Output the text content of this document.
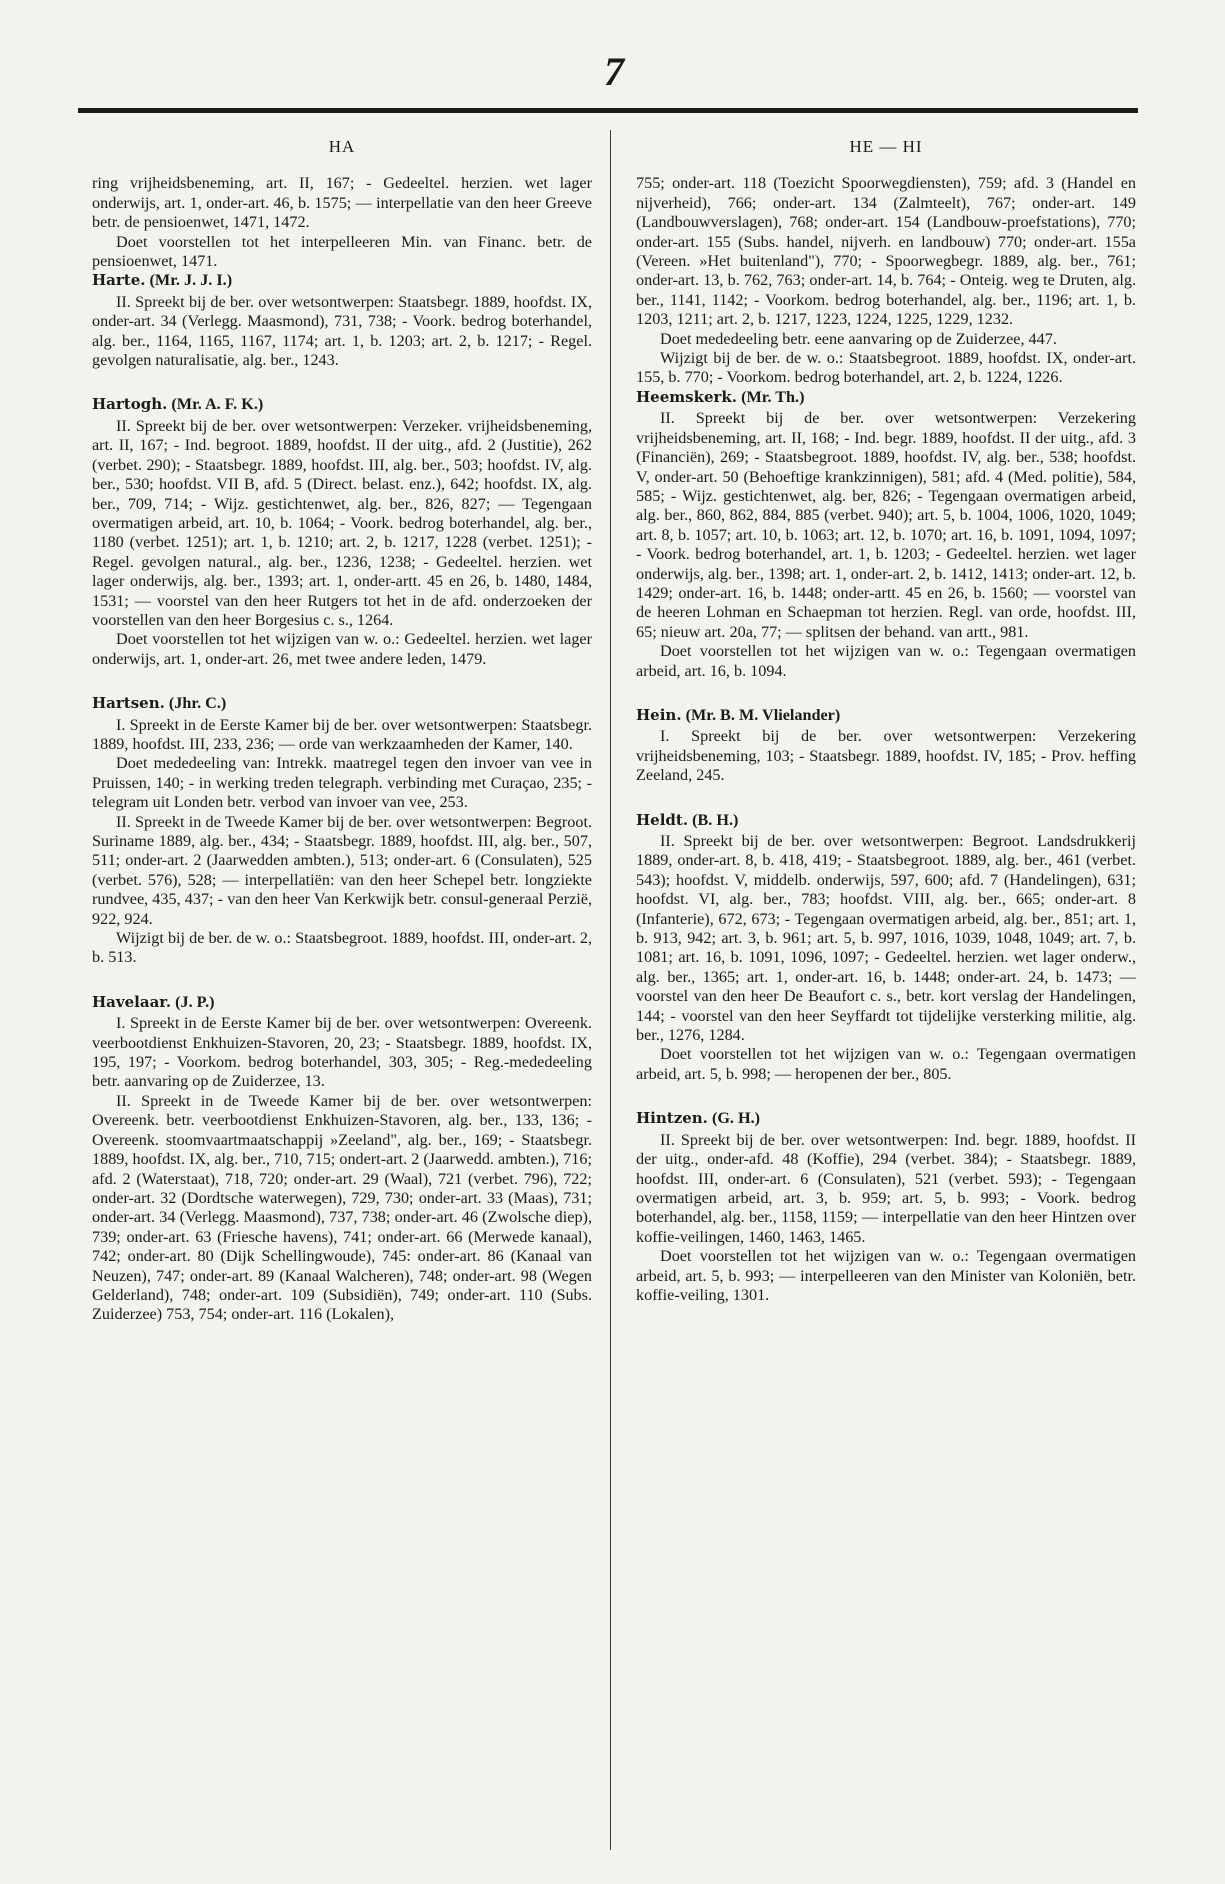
7
HA

ring vrijheidsbeneming, art. II, 167; - Gedeeltel. herzien. wet lager onderwijs, art. 1, onder-art. 46, b. 1575; — interpellatie van den heer Greeve betr. de pensioenwet, 1471, 1472.

Doet voorstellen tot het interpelleeren Min. van Financ. betr. de pensioenwet, 1471.

Harte. (Mr. J. J. I.)

II. Spreekt bij de ber. over wetsontwerpen: Staatsbegr. 1889, hoofdst. IX, onder-art. 34 (Verlegg. Maasmond), 731, 738; - Voork. bedrog boterhandel, alg. ber., 1164, 1165, 1167, 1174; art. 1, b. 1203; art. 2, b. 1217; - Regel. gevolgen naturalisatie, alg. ber., 1243.

Hartogh. (Mr. A. F. K.)

II. Spreekt bij de ber. over wetsontwerpen: Verzeker. vrijheidsbeneming, art. II, 167; - Ind. begroot. 1889, hoofdst. II der uitg., afd. 2 (Justitie), 262 (verbet. 290); - Staatsbegr. 1889, hoofdst. III, alg. ber., 503; hoofdst. IV, alg. ber., 530; hoofdst. VII B, afd. 5 (Direct. belast. enz.), 642; hoofdst. IX, alg. ber., 709, 714; - Wijz. gestichtenwet, alg. ber., 826, 827; — Tegengaan overmatigen arbeid, art. 10, b. 1064; - Voork. bedrog boterhandel, alg. ber., 1180 (verbet. 1251); art. 1, b. 1210; art. 2, b. 1217, 1228 (verbet. 1251); - Regel. gevolgen natural., alg. ber., 1236, 1238; - Gedeeltel. herzien. wet lager onderwijs, alg. ber., 1393; art. 1, onder-artt. 45 en 26, b. 1480, 1484, 1531; — voorstel van den heer Rutgers tot het in de afd. onderzoeken der voorstellen van den heer Borgesius c. s., 1264.

Doet voorstellen tot het wijzigen van w. o.: Gedeeltel. herzien. wet lager onderwijs, art. 1, onder-art. 26, met twee andere leden, 1479.

Hartsen. (Jhr. C.)

I. Spreekt in de Eerste Kamer bij de ber. over wetsontwerpen: Staatsbegr. 1889, hoofdst. III, 233, 236; — orde van werkzaamheden der Kamer, 140.

Doet mededeeling van: Intrekk. maatregel tegen den invoer van vee in Pruissen, 140; - in werking treden telegraph. verbinding met Curaçao, 235; - telegram uit Londen betr. verbod van invoer van vee, 253.

II. Spreekt in de Tweede Kamer bij de ber. over wetsontwerpen: Begroot. Suriname 1889, alg. ber., 434; - Staatsbegr. 1889, hoofdst. III, alg. ber., 507, 511; onder-art. 2 (Jaarwedden ambten.), 513; onder-art. 6 (Consulaten), 525 (verbet. 576), 528; — interpellatiën: van den heer Schepel betr. longziekte rundvee, 435, 437; - van den heer Van Kerkwijk betr. consul-generaal Perzië, 922, 924.

Wijzigt bij de ber. de w. o.: Staatsbegroot. 1889, hoofdst. III, onder-art. 2, b. 513.

Havelaar. (J. P.)

I. Spreekt in de Eerste Kamer bij de ber. over wetsontwerpen: Overeenk. veerbootdienst Enkhuizen-Stavoren, 20, 23; - Staatsbegr. 1889, hoofdst. IX, 195, 197; - Voorkom. bedrog boterhandel, 303, 305; - Reg.-mededeeling betr. aanvaring op de Zuiderzee, 13.

II. Spreekt in de Tweede Kamer bij de ber. over wetsontwerpen: Overeenk. betr. veerbootdienst Enkhuizen-Stavoren, alg. ber., 133, 136; - Overeenk. stoomvaartmaatschappij »Zeeland", alg. ber., 169; - Staatsbegr. 1889, hoofdst. IX, alg. ber., 710, 715; ondert-art. 2 (Jaarwedd. ambten.), 716; afd. 2 (Waterstaat), 718, 720; onder-art. 29 (Waal), 721 (verbet. 796), 722; onder-art. 32 (Dordtsche waterwegen), 729, 730; onder-art. 33 (Maas), 731; onder-art. 34 (Verlegg. Maasmond), 737, 738; onder-art. 46 (Zwolsche diep), 739; onder-art. 63 (Friesche havens), 741; onder-art. 66 (Merwede kanaal), 742; onder-art. 80 (Dijk Schellingwoude), 745: onder-art. 86 (Kanaal van Neuzen), 747; onder-art. 89 (Kanaal Walcheren), 748; onder-art. 98 (Wegen Gelderland), 748; onder-art. 109 (Subsidiën), 749; onder-art. 110 (Subs. Zuiderzee) 753, 754; onder-art. 116 (Lokalen),

HE — HI

755; onder-art. 118 (Toezicht Spoorwegdiensten), 759; afd. 3 (Handel en nijverheid), 766; onder-art. 134 (Zalmteelt), 767; onder-art. 149 (Landbouwverslagen), 768; onder-art. 154 (Landbouw-proefstations), 770; onder-art. 155 (Subs. handel, nijverh. en landbouw) 770; onder-art. 155a (Vereen. »Het buitenland"), 770; - Spoorwegbegr. 1889, alg. ber., 761; onder-art. 13, b. 762, 763; onder-art. 14, b. 764; - Onteig. weg te Druten, alg. ber., 1141, 1142; - Voorkom. bedrog boterhandel, alg. ber., 1196; art. 1, b. 1203, 1211; art. 2, b. 1217, 1223, 1224, 1225, 1229, 1232.

Doet mededeeling betr. eene aanvaring op de Zuiderzee, 447.

Wijzigt bij de ber. de w. o.: Staatsbegroot. 1889, hoofdst. IX, onder-art. 155, b. 770; - Voorkom. bedrog boterhandel, art. 2, b. 1224, 1226.

Heemskerk. (Mr. Th.)

II. Spreekt bij de ber. over wetsontwerpen: Verzekering vrijheidsbeneming, art. II, 168; - Ind. begr. 1889, hoofdst. II der uitg., afd. 3 (Financiën), 269; - Staatsbegroot. 1889, hoofdst. IV, alg. ber., 538; hoofdst. V, onder-art. 50 (Behoeftige krankzinnigen), 581; afd. 4 (Med. politie), 584, 585; - Wijz. gestichtenwet, alg. ber, 826; - Tegengaan overmatigen arbeid, alg. ber., 860, 862, 884, 885 (verbet. 940); art. 5, b. 1004, 1006, 1020, 1049; art. 8, b. 1057; art. 10, b. 1063; art. 12, b. 1070; art. 16, b. 1091, 1094, 1097; - Voork. bedrog boterhandel, art. 1, b. 1203; - Gedeeltel. herzien. wet lager onderwijs, alg. ber., 1398; art. 1, onder-art. 2, b. 1412, 1413; onder-art. 12, b. 1429; onder-art. 16, b. 1448; onder-artt. 45 en 26, b. 1560; — voorstel van de heeren Lohman en Schaepman tot herzien. Regl. van orde, hoofdst. III, 65; nieuw art. 20a, 77; — splitsen der behand. van artt., 981.

Doet voorstellen tot het wijzigen van w. o.: Tegengaan overmatigen arbeid, art. 16, b. 1094.

Hein. (Mr. B. M. Vlielander)

I. Spreekt bij de ber. over wetsontwerpen: Verzekering vrijheidsbeneming, 103; - Staatsbegr. 1889, hoofdst. IV, 185; - Prov. heffing Zeeland, 245.

Heldt. (B. H.)

II. Spreekt bij de ber. over wetsontwerpen: Begroot. Landsdrukkerij 1889, onder-art. 8, b. 418, 419; - Staatsbegroot. 1889, alg. ber., 461 (verbet. 543); hoofdst. V, middelb. onderwijs, 597, 600; afd. 7 (Handelingen), 631; hoofdst. VI, alg. ber., 783; hoofdst. VIII, alg. ber., 665; onder-art. 8 (Infanterie), 672, 673; - Tegengaan overmatigen arbeid, alg. ber., 851; art. 1, b. 913, 942; art. 3, b. 961; art. 5, b. 997, 1016, 1039, 1048, 1049; art. 7, b. 1081; art. 16, b. 1091, 1096, 1097; - Gedeeltel. herzien. wet lager onderw., alg. ber., 1365; art. 1, onder-art. 16, b. 1448; onder-art. 24, b. 1473; — voorstel van den heer De Beaufort c. s., betr. kort verslag der Handelingen, 144; - voorstel van den heer Seyffardt tot tijdelijke versterking militie, alg. ber., 1276, 1284.

Doet voorstellen tot het wijzigen van w. o.: Tegengaan overmatigen arbeid, art. 5, b. 998; — heropenen der ber., 805.

Hintzen. (G. H.)

II. Spreekt bij de ber. over wetsontwerpen: Ind. begr. 1889, hoofdst. II der uitg., onder-afd. 48 (Koffie), 294 (verbet. 384); - Staatsbegr. 1889, hoofdst. III, onder-art. 6 (Consulaten), 521 (verbet. 593); - Tegengaan overmatigen arbeid, art. 3, b. 959; art. 5, b. 993; - Voork. bedrog boterhandel, alg. ber., 1158, 1159; — interpellatie van den heer Hintzen over koffie-veilingen, 1460, 1463, 1465.

Doet voorstellen tot het wijzigen van w. o.: Tegengaan overmatigen arbeid, art. 5, b. 993; — interpelleeren van den Minister van Koloniën, betr. koffie-veiling, 1301.
